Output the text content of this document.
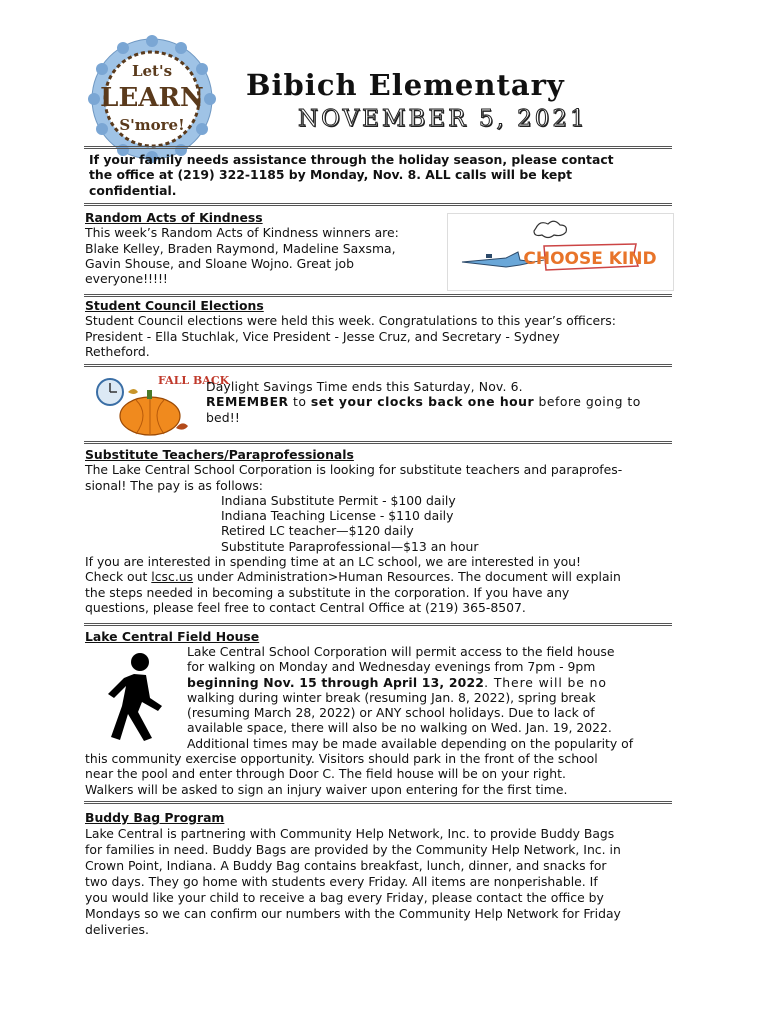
Let's
LEARN
S'more!
Bibich Elementary
NOVEMBER 5, 2021
If your family needs assistance through the holiday season, please contact
the office at (219) 322-1185 by Monday, Nov. 8. ALL calls will be kept
confidential.
Random Acts of Kindness
This week’s Random Acts of Kindness winners are:
Blake Kelley, Braden Raymond, Madeline Saxsma,
Gavin Shouse, and Sloane Wojno. Great job
everyone!!!!!
CHOOSE KIND
Student Council Elections
Student Council elections were held this week. Congratulations to this year’s officers:
President - Ella Stuchlak, Vice President - Jesse Cruz, and Secretary - Sydney
Retheford.
FALL BACK
Daylight Savings Time ends this Saturday, Nov. 6.
REMEMBER to set your clocks back one hour before going to
bed!!
Substitute Teachers/Paraprofessionals
The Lake Central School Corporation is looking for substitute teachers and paraprofes-
sional! The pay is as follows:
Indiana Substitute Permit - $100 daily
Indiana Teaching License - $110 daily
Retired LC teacher—$120 daily
Substitute Paraprofessional—$13 an hour
If you are interested in spending time at an LC school, we are interested in you!
Check out lcsc.us under Administration>Human Resources. The document will explain
the steps needed in becoming a substitute in the corporation. If you have any
questions, please feel free to contact Central Office at (219) 365-8507.
Lake Central Field House
Lake Central School Corporation will permit access to the field house
for walking on Monday and Wednesday evenings from 7pm - 9pm
beginning Nov. 15 through April 13, 2022. There will be no
walking during winter break (resuming Jan. 8, 2022), spring break
(resuming March 28, 2022) or ANY school holidays. Due to lack of
available space, there will also be no walking on Wed. Jan. 19, 2022.
Additional times may be made available depending on the popularity of
this community exercise opportunity. Visitors should park in the front of the school
near the pool and enter through Door C. The field house will be on your right.
Walkers will be asked to sign an injury waiver upon entering for the first time.
Buddy Bag Program
Lake Central is partnering with Community Help Network, Inc. to provide Buddy Bags
for families in need. Buddy Bags are provided by the Community Help Network, Inc. in
Crown Point, Indiana. A Buddy Bag contains breakfast, lunch, dinner, and snacks for
two days. They go home with students every Friday. All items are nonperishable. If
you would like your child to receive a bag every Friday, please contact the office by
Mondays so we can confirm our numbers with the Community Help Network for Friday
deliveries.
